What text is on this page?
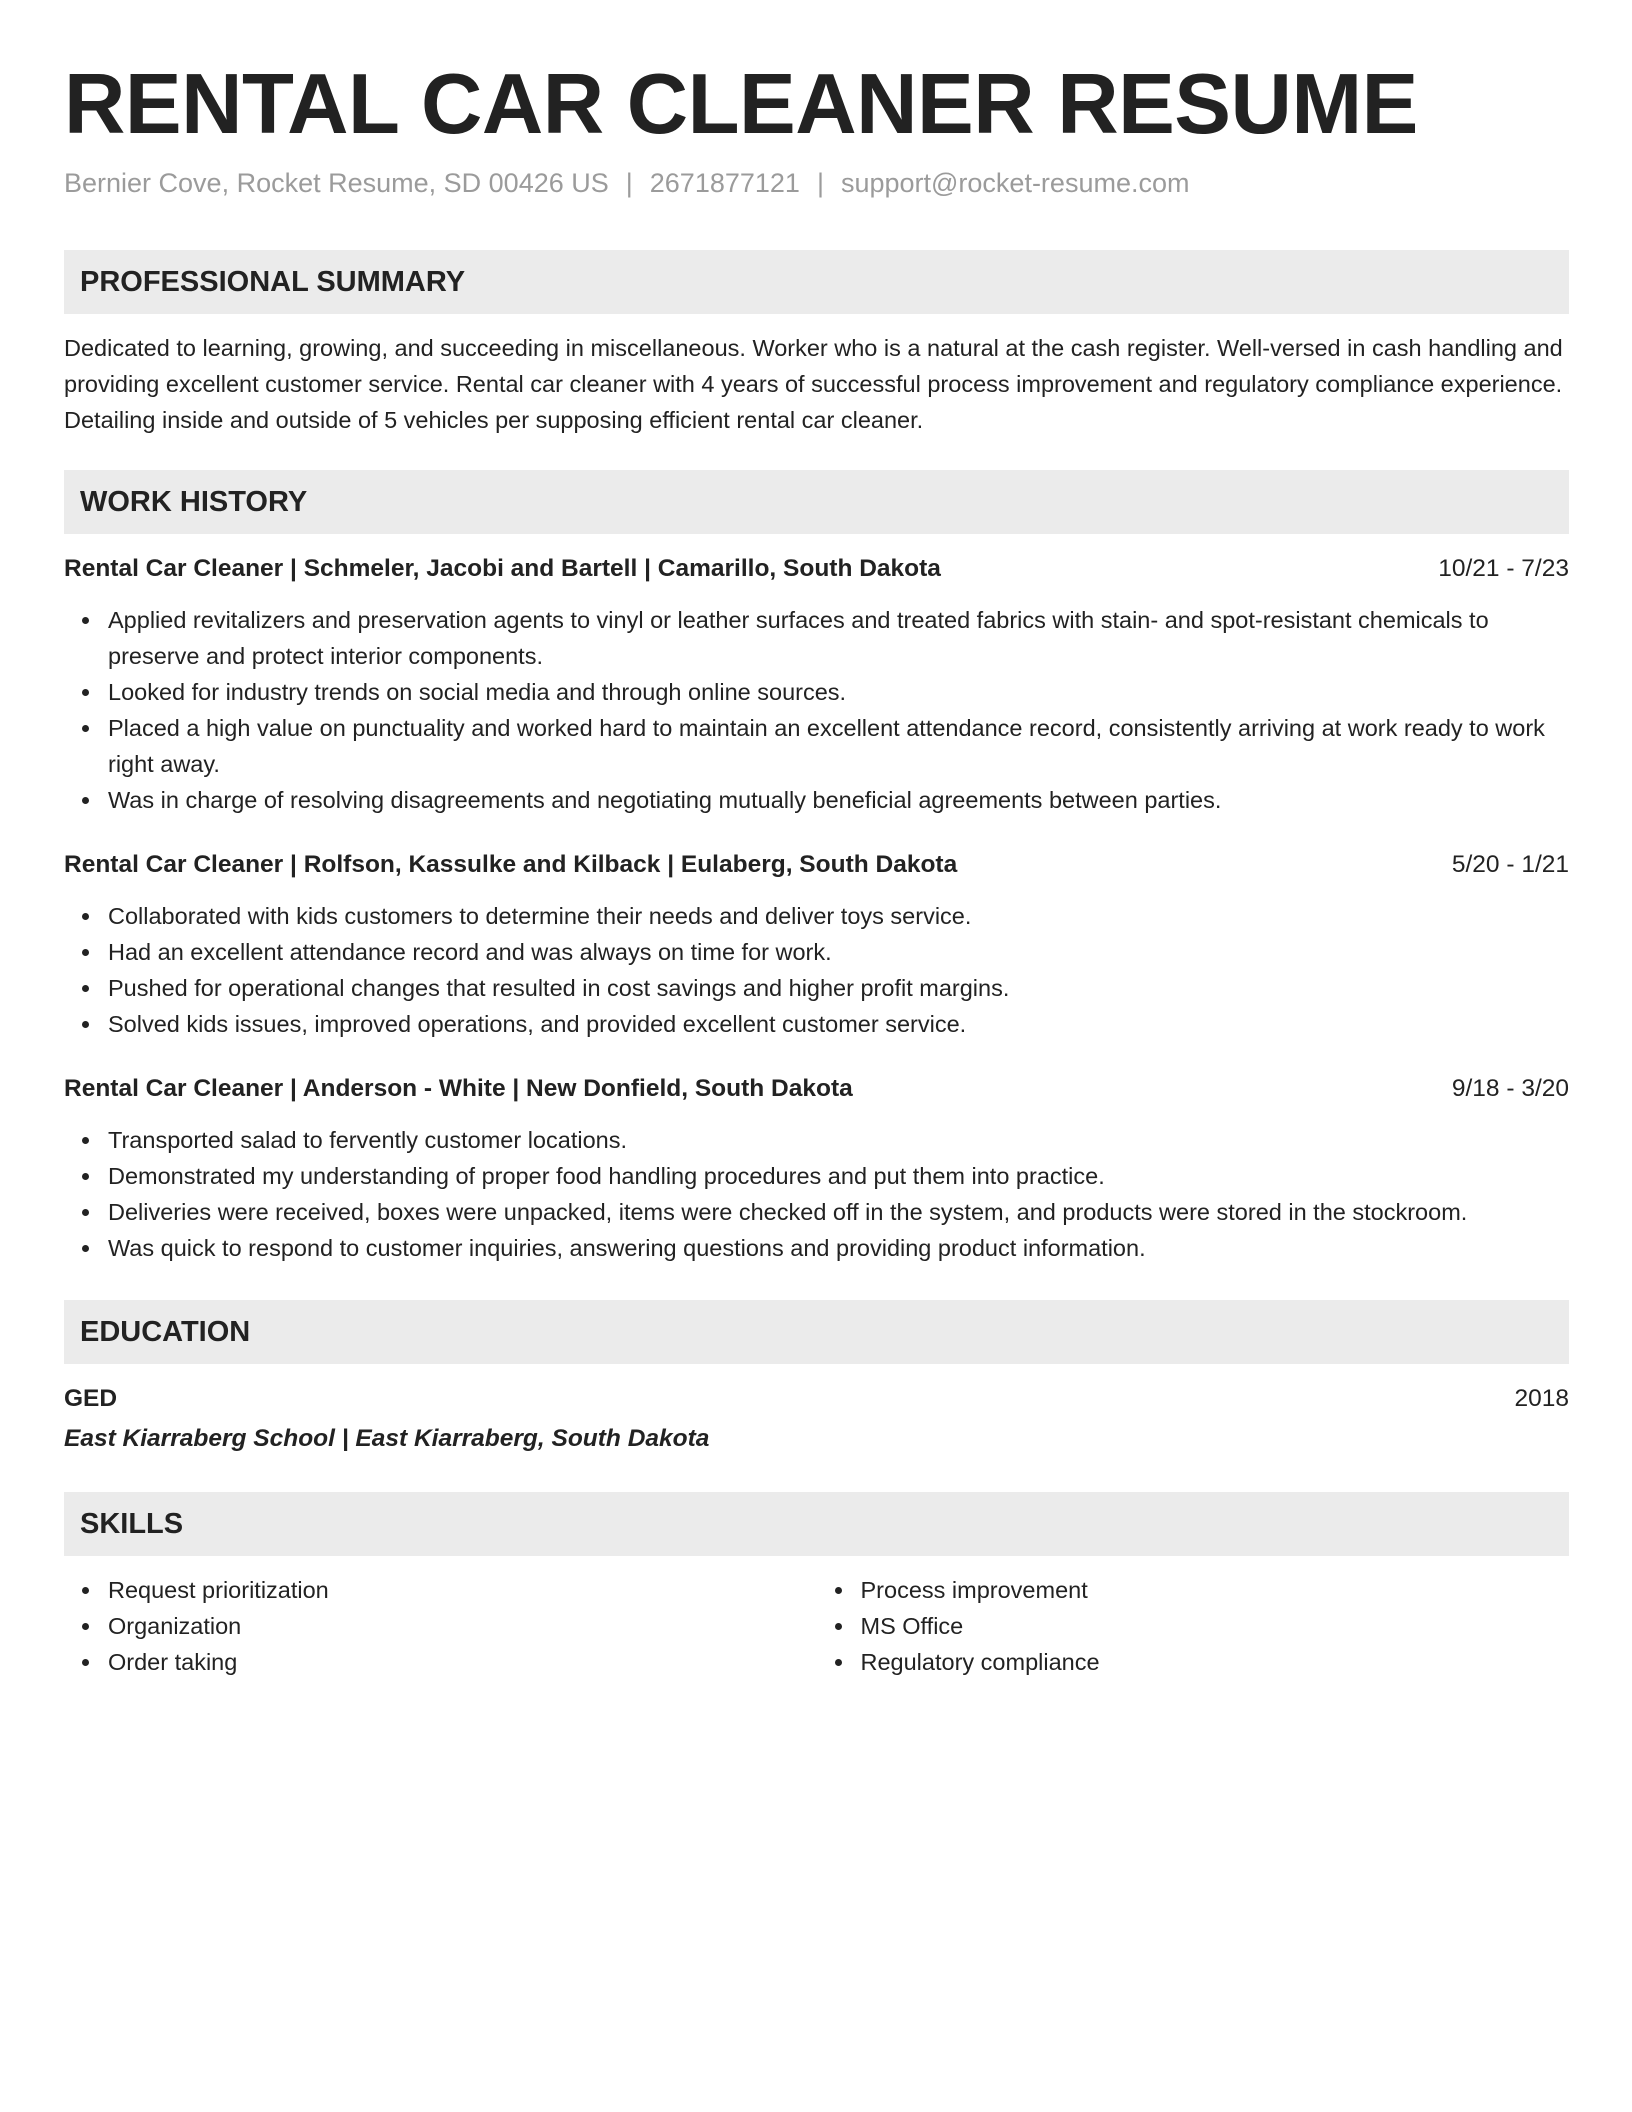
RENTAL CAR CLEANER RESUME
Bernier Cove, Rocket Resume, SD 00426 US | 2671877121 | support@rocket-resume.com
PROFESSIONAL SUMMARY
Dedicated to learning, growing, and succeeding in miscellaneous. Worker who is a natural at the cash register. Well-versed in cash handling and providing excellent customer service. Rental car cleaner with 4 years of successful process improvement and regulatory compliance experience. Detailing inside and outside of 5 vehicles per supposing efficient rental car cleaner.
WORK HISTORY
Rental Car Cleaner | Schmeler, Jacobi and Bartell | Camarillo, South Dakota	10/21 - 7/23
Applied revitalizers and preservation agents to vinyl or leather surfaces and treated fabrics with stain- and spot-resistant chemicals to preserve and protect interior components.
Looked for industry trends on social media and through online sources.
Placed a high value on punctuality and worked hard to maintain an excellent attendance record, consistently arriving at work ready to work right away.
Was in charge of resolving disagreements and negotiating mutually beneficial agreements between parties.
Rental Car Cleaner | Rolfson, Kassulke and Kilback | Eulaberg, South Dakota	5/20 - 1/21
Collaborated with kids customers to determine their needs and deliver toys service.
Had an excellent attendance record and was always on time for work.
Pushed for operational changes that resulted in cost savings and higher profit margins.
Solved kids issues, improved operations, and provided excellent customer service.
Rental Car Cleaner | Anderson - White | New Donfield, South Dakota	9/18 - 3/20
Transported salad to fervently customer locations.
Demonstrated my understanding of proper food handling procedures and put them into practice.
Deliveries were received, boxes were unpacked, items were checked off in the system, and products were stored in the stockroom.
Was quick to respond to customer inquiries, answering questions and providing product information.
EDUCATION
GED	2018
East Kiarraberg School | East Kiarraberg, South Dakota
SKILLS
Request prioritization
Organization
Order taking
Process improvement
MS Office
Regulatory compliance
